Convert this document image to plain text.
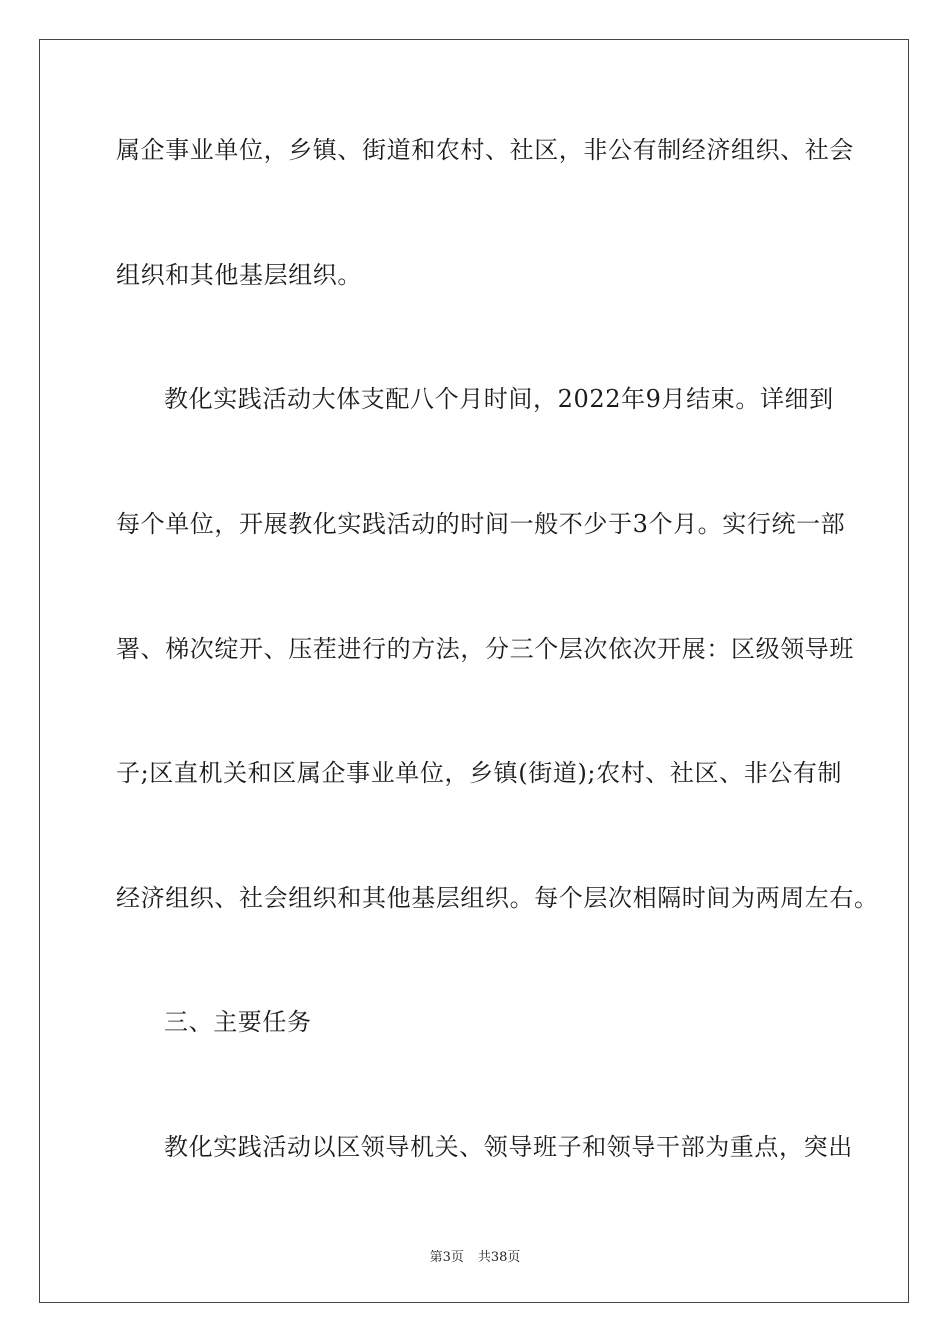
属企事业单位，乡镇、街道和农村、社区，非公有制经济组织、社会
组织和其他基层组织。
教化实践活动大体支配八个月时间，2022年9月结束。详细到
每个单位，开展教化实践活动的时间一般不少于3个月。实行统一部
署、梯次绽开、压茬进行的方法，分三个层次依次开展：区级领导班
子;区直机关和区属企事业单位，乡镇(街道);农村、社区、非公有制
经济组织、社会组织和其他基层组织。每个层次相隔时间为两周左右。
三、主要任务
教化实践活动以区领导机关、领导班子和领导干部为重点，突出
第3页 共38页
